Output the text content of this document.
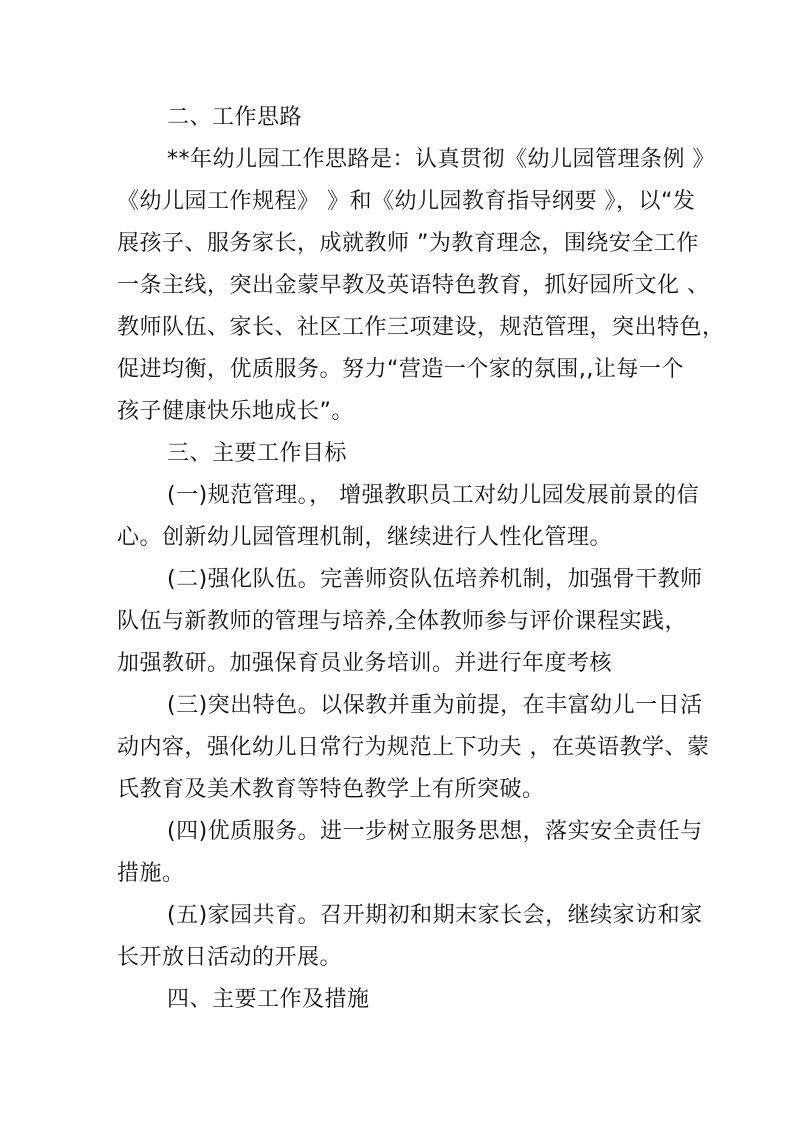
二、工作思路

**年幼儿园工作思路是：认真贯彻《幼儿园管理条例 》

《幼儿园工作规程》 》和《幼儿园教育指导纲要 》，以“发

展孩子、服务家长，成就教师 ”为教育理念，围绕安全工作

一条主线，突出金蒙早教及英语特色教育，抓好园所文化 、

教师队伍、家长、社区工作三项建设，规范管理，突出特色，

促进均衡，优质服务。努力“营造一个家的氛围,,让每一个

孩子健康快乐地成长”。

三、主要工作目标

(一)规范管理。， 增强教职员工对幼儿园发展前景的信

心。创新幼儿园管理机制，继续进行人性化管理。

(二)强化队伍。完善师资队伍培养机制，加强骨干教师

队伍与新教师的管理与培养,全体教师参与评价课程实践，

加强教研。加强保育员业务培训。并进行年度考核

(三)突出特色。以保教并重为前提，在丰富幼儿一日活

动内容，强化幼儿日常行为规范上下功夫 ，在英语教学、蒙

氏教育及美术教育等特色教学上有所突破。

(四)优质服务。进一步树立服务思想，落实安全责任与

措施。

(五)家园共育。召开期初和期末家长会，继续家访和家

长开放日活动的开展。

四、主要工作及措施
